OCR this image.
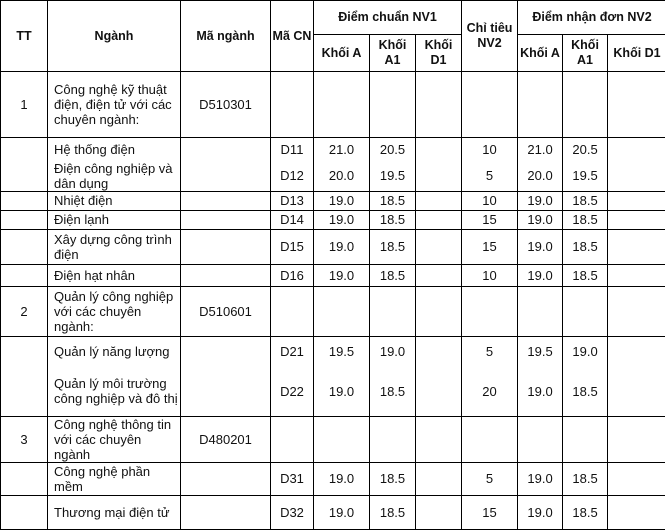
TT	Ngành	Mã ngành	Mã CN	Điểm chuẩn NV1			Chỉ tiêu NV2	Điểm nhận đơn NV2		
				Khối A	Khối A1	Khối D1		Khối A	Khối A1	Khối D1
1	Công nghệ kỹ thuật điện, điện tử với các chuyên ngành:	D510301								
	Hệ thống điện		D11	21.0	20.5		10	21.0	20.5	
	Điện công nghiệp và dân dụng		D12	20.0	19.5		5	20.0	19.5	
	Nhiệt điện		D13	19.0	18.5		10	19.0	18.5	
	Điện lạnh		D14	19.0	18.5		15	19.0	18.5	
	Xây dựng công trình điện		D15	19.0	18.5		15	19.0	18.5	
	Điện hạt nhân		D16	19.0	18.5		10	19.0	18.5	
2	Quản lý công nghiệp với các chuyên ngành:	D510601								
	Quản lý năng lượng		D21	19.5	19.0		5	19.5	19.0	
	Quản lý môi trường công nghiệp và đô thị		D22	19.0	18.5		20	19.0	18.5	
3	Công nghệ thông tin với các chuyên ngành	D480201								
	Công nghệ phần mềm		D31	19.0	18.5		5	19.0	18.5	
	Thương mại điện tử		D32	19.0	18.5		15	19.0	18.5	
